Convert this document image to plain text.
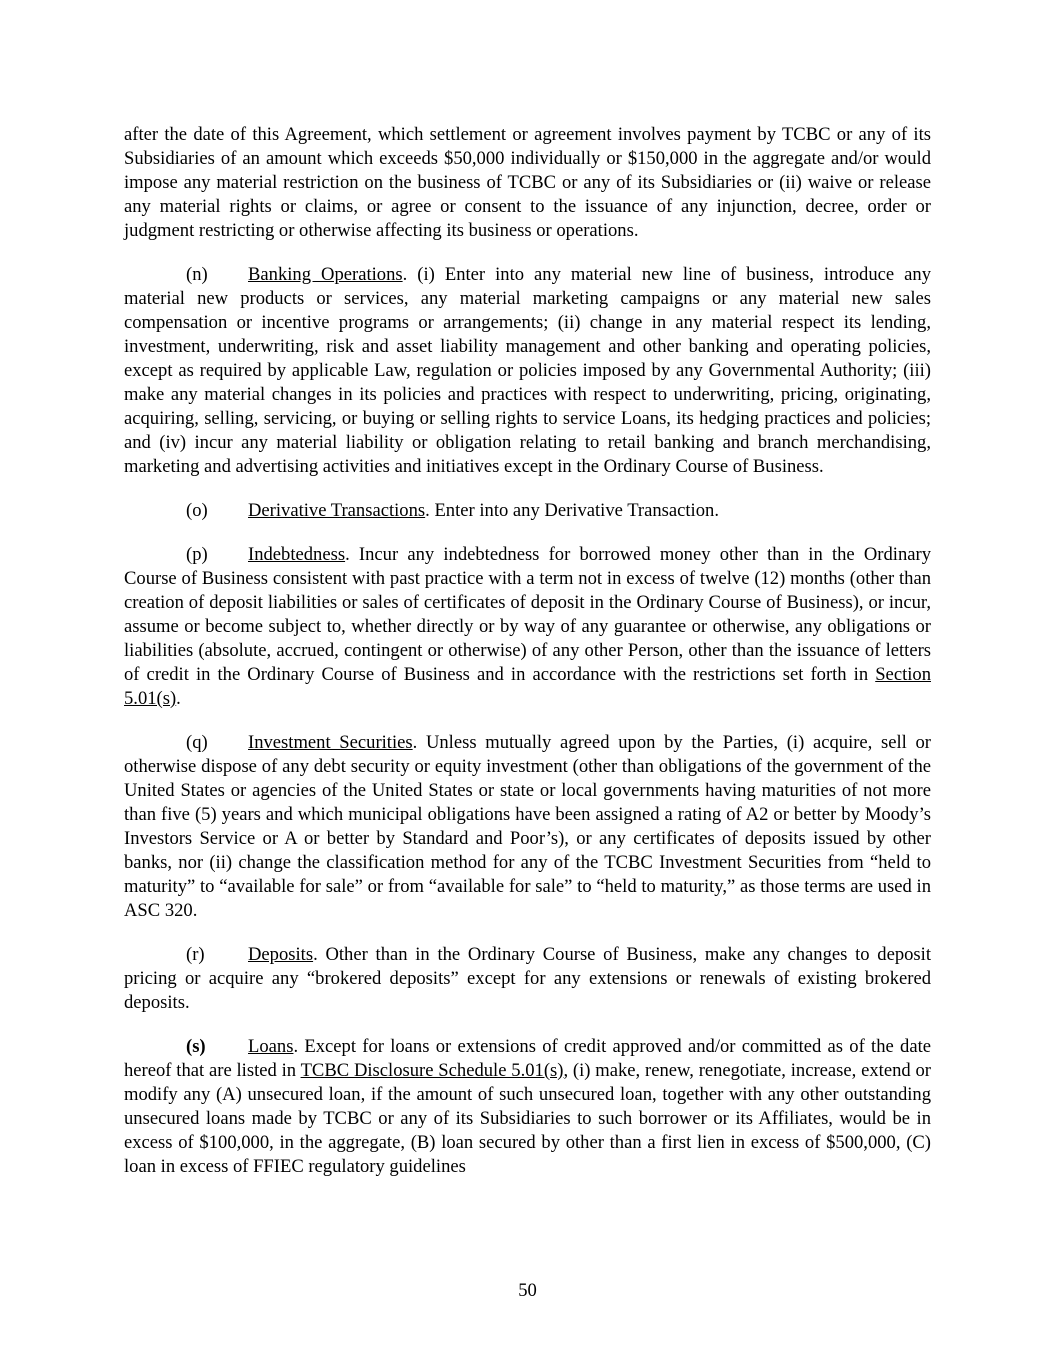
after the date of this Agreement, which settlement or agreement involves payment by TCBC or any of its Subsidiaries of an amount which exceeds $50,000 individually or $150,000 in the aggregate and/or would impose any material restriction on the business of TCBC or any of its Subsidiaries or (ii) waive or release any material rights or claims, or agree or consent to the issuance of any injunction, decree, order or judgment restricting or otherwise affecting its business or operations.

(n) Banking Operations. (i) Enter into any material new line of business, introduce any material new products or services, any material marketing campaigns or any material new sales compensation or incentive programs or arrangements; (ii) change in any material respect its lending, investment, underwriting, risk and asset liability management and other banking and operating policies, except as required by applicable Law, regulation or policies imposed by any Governmental Authority; (iii) make any material changes in its policies and practices with respect to underwriting, pricing, originating, acquiring, selling, servicing, or buying or selling rights to service Loans, its hedging practices and policies; and (iv) incur any material liability or obligation relating to retail banking and branch merchandising, marketing and advertising activities and initiatives except in the Ordinary Course of Business.

(o) Derivative Transactions. Enter into any Derivative Transaction.

(p) Indebtedness. Incur any indebtedness for borrowed money other than in the Ordinary Course of Business consistent with past practice with a term not in excess of twelve (12) months (other than creation of deposit liabilities or sales of certificates of deposit in the Ordinary Course of Business), or incur, assume or become subject to, whether directly or by way of any guarantee or otherwise, any obligations or liabilities (absolute, accrued, contingent or otherwise) of any other Person, other than the issuance of letters of credit in the Ordinary Course of Business and in accordance with the restrictions set forth in Section 5.01(s).

(q) Investment Securities. Unless mutually agreed upon by the Parties, (i) acquire, sell or otherwise dispose of any debt security or equity investment (other than obligations of the government of the United States or agencies of the United States or state or local governments having maturities of not more than five (5) years and which municipal obligations have been assigned a rating of A2 or better by Moody’s Investors Service or A or better by Standard and Poor’s), or any certificates of deposits issued by other banks, nor (ii) change the classification method for any of the TCBC Investment Securities from “held to maturity” to “available for sale” or from “available for sale” to “held to maturity,” as those terms are used in ASC 320.

(r) Deposits. Other than in the Ordinary Course of Business, make any changes to deposit pricing or acquire any “brokered deposits” except for any extensions or renewals of existing brokered deposits.

(s) Loans. Except for loans or extensions of credit approved and/or committed as of the date hereof that are listed in TCBC Disclosure Schedule 5.01(s), (i) make, renew, renegotiate, increase, extend or modify any (A) unsecured loan, if the amount of such unsecured loan, together with any other outstanding unsecured loans made by TCBC or any of its Subsidiaries to such borrower or its Affiliates, would be in excess of $100,000, in the aggregate, (B) loan secured by other than a first lien in excess of $500,000, (C) loan in excess of FFIEC regulatory guidelines

50
